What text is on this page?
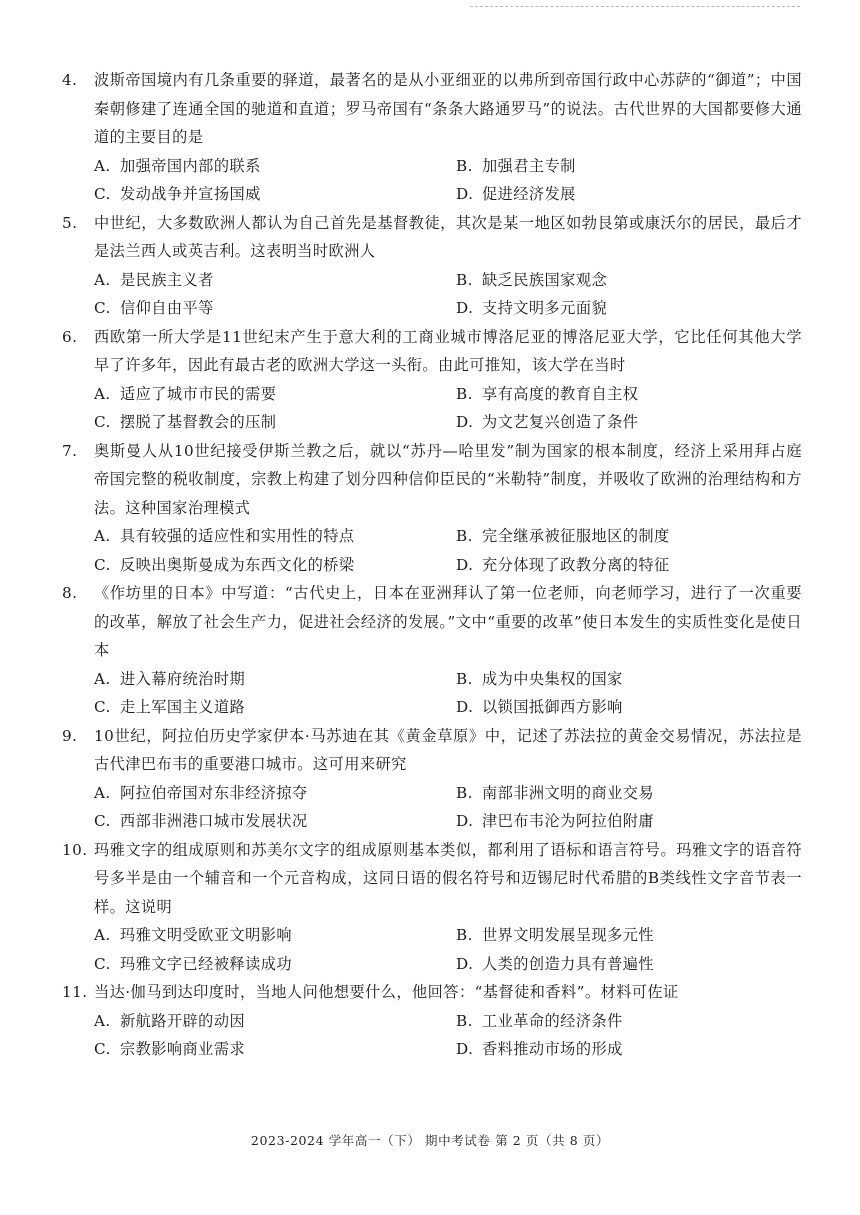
4. 波斯帝国境内有几条重要的驿道，最著名的是从小亚细亚的以弗所到帝国行政中心苏萨的“御道”；中国秦朝修建了连通全国的驰道和直道；罗马帝国有“条条大路通罗马”的说法。古代世界的大国都要修大通道的主要目的是
A. 加强帝国内部的联系	B. 加强君主专制
C. 发动战争并宣扬国威	D. 促进经济发展
5. 中世纪，大多数欧洲人都认为自己首先是基督教徒，其次是某一地区如勃艮第或康沃尔的居民，最后才是法兰西人或英吉利。这表明当时欧洲人
A. 是民族主义者	B. 缺乏民族国家观念
C. 信仰自由平等	D. 支持文明多元面貌
6. 西欧第一所大学是11世纪末产生于意大利的工商业城市博洛尼亚的博洛尼亚大学，它比任何其他大学早了许多年，因此有最古老的欧洲大学这一头衔。由此可推知，该大学在当时
A. 适应了城市市民的需要	B. 享有高度的教育自主权
C. 摆脱了基督教会的压制	D. 为文艺复兴创造了条件
7. 奥斯曼人从10世纪接受伊斯兰教之后，就以“苏丹—哈里发”制为国家的根本制度，经济上采用拜占庭帝国完整的税收制度，宗教上构建了划分四种信仰臣民的“米勒特”制度，并吸收了欧洲的治理结构和方法。这种国家治理模式
A. 具有较强的适应性和实用性的特点	B. 完全继承被征服地区的制度
C. 反映出奥斯曼成为东西文化的桥梁	D. 充分体现了政教分离的特征
8. 《作坊里的日本》中写道：“古代史上，日本在亚洲拜认了第一位老师，向老师学习，进行了一次重要的改革，解放了社会生产力，促进社会经济的发展。”文中“重要的改革”使日本发生的实质性变化是使日本
A. 进入幕府统治时期	B. 成为中央集权的国家
C. 走上军国主义道路	D. 以锁国抵御西方影响
9. 10世纪，阿拉伯历史学家伊本·马苏迪在其《黄金草原》中，记述了苏法拉的黄金交易情况，苏法拉是古代津巴布韦的重要港口城市。这可用来研究
A. 阿拉伯帝国对东非经济掠夺	B. 南部非洲文明的商业交易
C. 西部非洲港口城市发展状况	D. 津巴布韦沦为阿拉伯附庸
10. 玛雅文字的组成原则和苏美尔文字的组成原则基本类似，都利用了语标和语言符号。玛雅文字的语音符号多半是由一个辅音和一个元音构成，这同日语的假名符号和迈锡尼时代希腊的B类线性文字音节表一样。这说明
A. 玛雅文明受欧亚文明影响	B. 世界文明发展呈现多元性
C. 玛雅文字已经被释读成功	D. 人类的创造力具有普遍性
11. 当达·伽马到达印度时，当地人问他想要什么，他回答：“基督徒和香料”。材料可佐证
A. 新航路开辟的动因	B. 工业革命的经济条件
C. 宗教影响商业需求	D. 香料推动市场的形成
2023-2024 学年高一（下） 期中考试卷 第 2 页（共 8 页）
